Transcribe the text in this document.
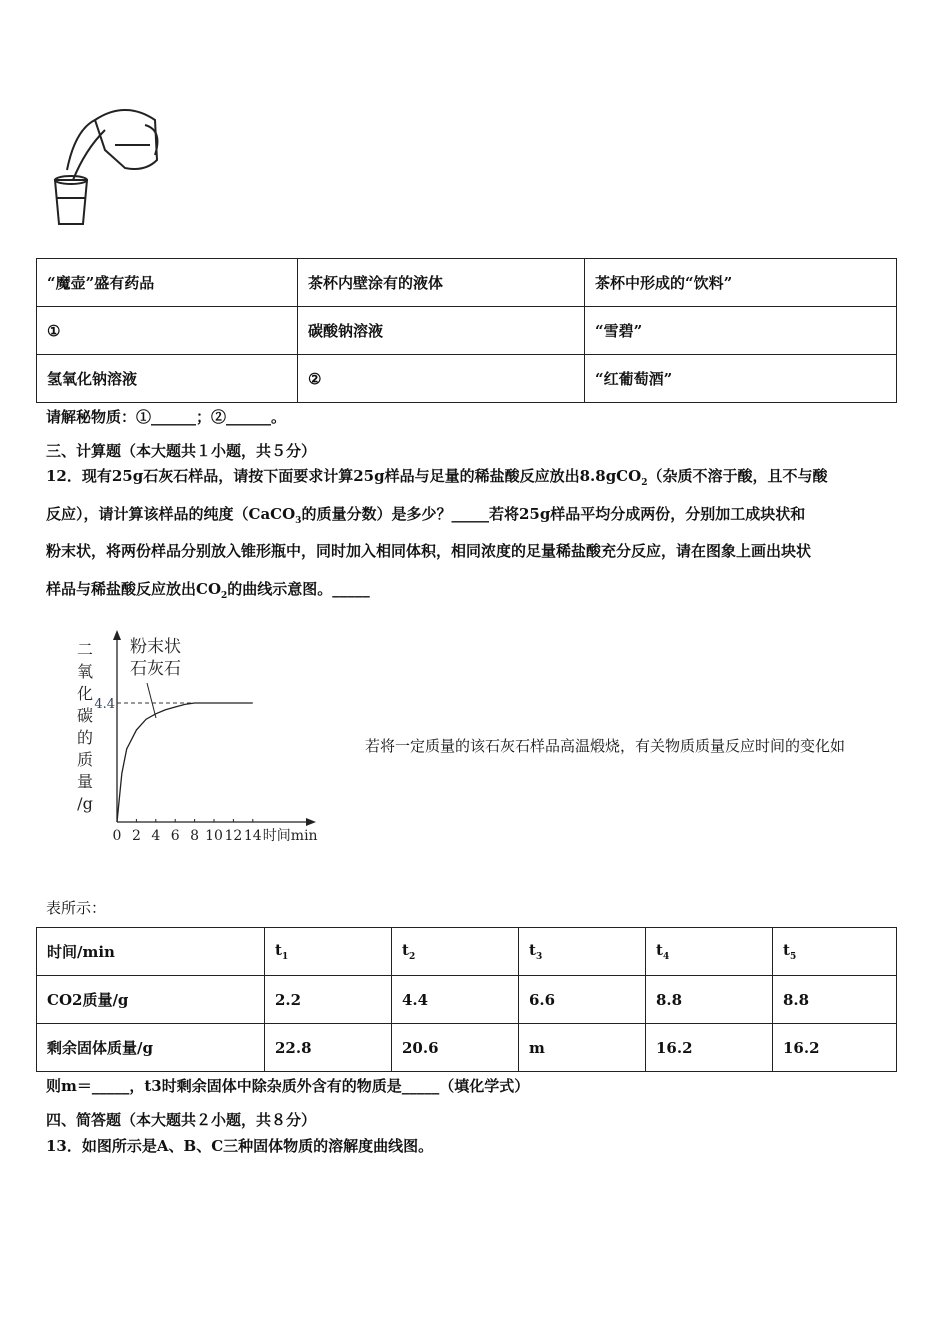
“魔壶”盛有药品	茶杯内壁涂有的液体	茶杯中形成的“饮料”
①	碳酸钠溶液	“雪碧”
氢氧化钠溶液	②	“红葡萄酒”
请解秘物质：①______；②______。
三、计算题（本大题共１小题，共５分）
12．现有25g石灰石样品，请按下面要求计算25g样品与足量的稀盐酸反应放出8.8gCO$_2$（杂质不溶于酸，且不与酸
反应），请计算该样品的纯度（CaCO$_3$的质量分数）是多少？_____若将25g样品平均分成两份，分别加工成块状和
粉末状，将两份样品分别放入锥形瓶中，同时加入相同体积，相同浓度的足量稀盐酸充分反应，请在图象上画出块状
样品与稀盐酸反应放出$CO_2$的曲线示意图。_____
0 2 4 6 8 10 12 14 时间min
4.4
二
氧
化
碳
的
质
量
/g
粉末状
石灰石
若将一定质量的该石灰石样品高温煅烧，有关物质质量反应时间的变化如
表所示：
时间/min	$t_1$	$t_2$	$t_3$	$t_4$	$t_5$
CO2质量/g	2.2	4.4	6.6	8.8	8.8
剩余固体质量/g	22.8	20.6	m	16.2	16.2
则m＝_____，t3时剩余固体中除杂质外含有的物质是_____（填化学式）
四、简答题（本大题共２小题，共８分）
13．如图所示是A、B、C三种固体物质的溶解度曲线图。
